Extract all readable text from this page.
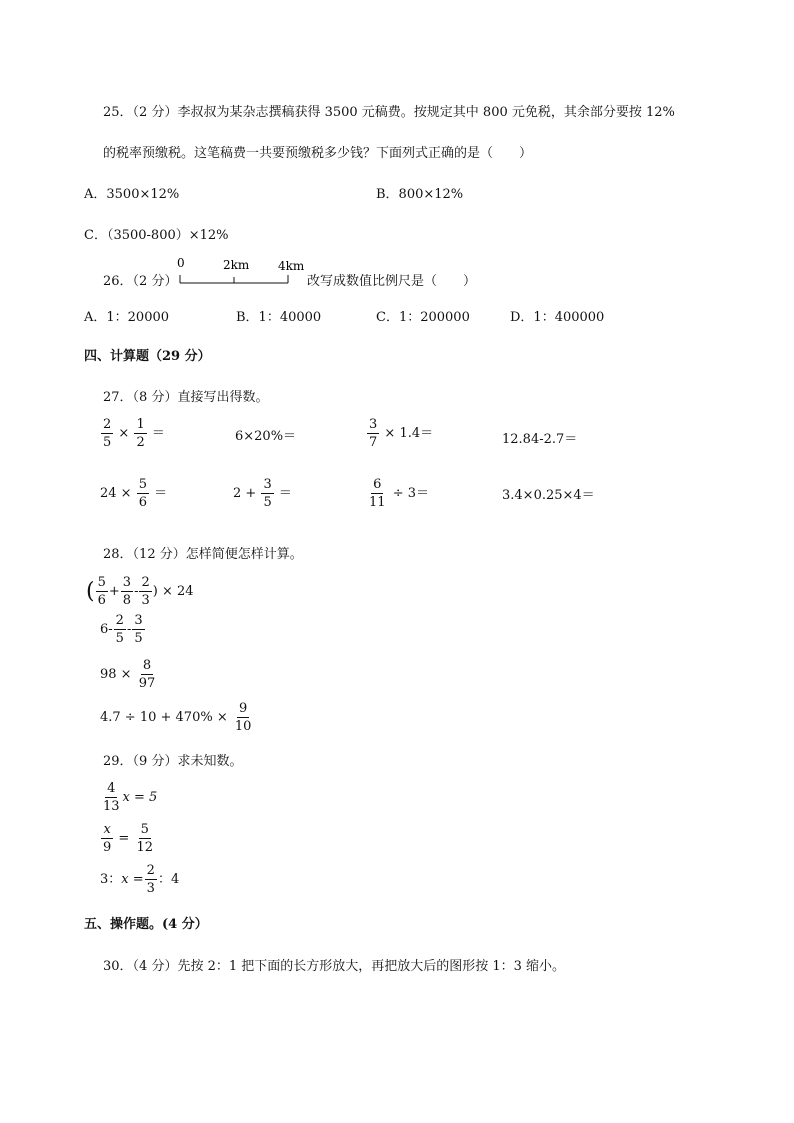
25．（2 分）李叔叔为某杂志撰稿获得 3500 元稿费。按规定其中 800 元免税，其余部分要按 12%
的税率预缴税。这笔稿费一共要预缴税多少钱？下面列式正确的是（　　）
A．3500×12%	B．800×12%
C．（3500-800）×12%
26．（2 分）
0	2km 4km
改写成数值比例尺是（　　）
A．1：20000	B．1：40000	C．1：200000	D．1：400000
四、计算题（29 分）
27．（8 分）直接写出得数。
$\frac{2}{5} \times \frac{1}{2}$ ＝	6×20%＝	$\frac{3}{7} \times 1.4=$	12.84-2.7＝
$24 \times \frac{5}{6}$ ＝	$2 + \frac{3}{5}$ ＝	$\frac{6}{11} \div 3=$	3.4×0.25×4＝
28．（12 分）怎样简便怎样计算。
( $\frac{5}{6} + \frac{3}{8} - \frac{2}{3}$ ) × 24
$6- \frac{2}{5} - \frac{3}{5}$
$98 \times \frac{8}{97}$
$4.7 \div 10 + 470\% \times \frac{9}{10}$
29．（9 分）求未知数。
$\frac{4}{13}$ x = 5
$\frac{x}{9} = \frac{5}{12}$
3：$x = \frac{2}{3}$ ：4
五、操作题。(4 分）
30．（4 分）先按 2：1 把下面的长方形放大，再把放大后的图形按 1：3 缩小。
